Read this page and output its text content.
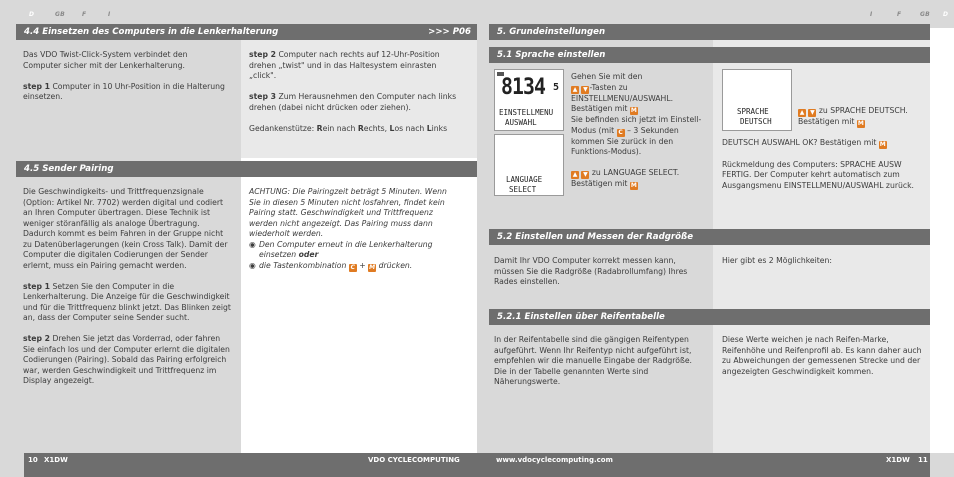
D	GB	F	I
4.4 Einsetzen des Computers in die Lenkerhalterung	>>> P06

Das VDO Twist-Click-System verbindet den Computer sicher mit der Lenkerhalterung.

step 1 Computer in 10 Uhr-Position in die Halterung einsetzen.

step 2 Computer nach rechts auf 12-Uhr-Position drehen „twist" und in das Haltesystem einrasten „click".

step 3 Zum Herausnehmen den Computer nach links drehen (dabei nicht drücken oder ziehen).

Gedankenstütze: Rein nach Rechts, Los nach Links

4.5 Sender Pairing

Die Geschwindigkeits- und Trittfrequenzsignale (Option: Artikel Nr. 7702) werden digital und codiert an Ihren Computer übertragen. Diese Technik ist weniger störanfällig als analoge Übertragung. Dadurch kommt es beim Fahren in der Gruppe nicht zu Datenüberlagerungen (kein Cross Talk). Damit der Computer die digitalen Codierungen der Sender erlernt, muss ein Pairing gemacht werden.

step 1 Setzen Sie den Computer in die Lenkerhalterung. Die Anzeige für die Geschwindigkeit und für die Trittfrequenz blinkt jetzt. Das Blinken zeigt an, dass der Computer seine Sender sucht.

step 2 Drehen Sie jetzt das Vorderrad, oder fahren Sie einfach los und der Computer erlernt die digitalen Codierungen (Pairing). Sobald das Pairing erfolgreich war, werden Geschwindigkeit und Trittfrequenz im Display angezeigt.

ACHTUNG: Die Pairingzeit beträgt 5 Minuten. Wenn Sie in diesen 5 Minuten nicht losfahren, findet kein Pairing statt. Geschwindigkeit und Trittfrequenz werden nicht angezeigt. Das Pairing muss dann wiederholt werden.

◉ Den Computer erneut in die Lenkerhalterung einsetzen oder
◉ die Tastenkombination C + M drücken.
10 X1DW	VDO CYCLECOMPUTING
I	F	GB D
5. Grundeinstellungen
5.1 Sprache einstellen
8134 5
EINSTELLMENU
AUSWAHL
LANGUAGE
SELECT
Gehen Sie mit den
▲ ▼ -Tasten zu EINSTELLMENU/AUSWAHL. Bestätigen mit M
Sie befinden sich jetzt im Einstell-Modus (mit C – 3 Sekunden kommen Sie zurück in den Funktions-Modus).
▲ ▼ zu LANGUAGE SELECT. Bestätigen mit M
SPRACHE
DEUTSCH
▲ ▼ zu SPRACHE DEUTSCH. Bestätigen mit M

DEUTSCH AUSWAHL OK? Bestätigen mit M

Rückmeldung des Computers: SPRACHE AUSW FERTIG. Der Computer kehrt automatisch zum Ausgangsmenu EINSTELLMENU/AUSWAHL zurück.

5.2 Einstellen und Messen der Radgröße
Damit Ihr VDO Computer korrekt messen kann, müssen Sie die Radgröße (Radabrollumfang) Ihres Rades einstellen.
Hier gibt es 2 Möglichkeiten:
5.2.1 Einstellen über Reifentabelle
In der Reifentabelle sind die gängigen Reifentypen aufgeführt. Wenn Ihr Reifentyp nicht aufgeführt ist, empfehlen wir die manuelle Eingabe der Radgröße. Die in der Tabelle genannten Werte sind Näherungswerte.
Diese Werte weichen je nach Reifen-Marke, Reifenhöhe und Reifenprofil ab. Es kann daher auch zu Abweichungen der gemessenen Strecke und der angezeigten Geschwindigkeit kommen.
www.vdocyclecomputing.com	X1DW 11
